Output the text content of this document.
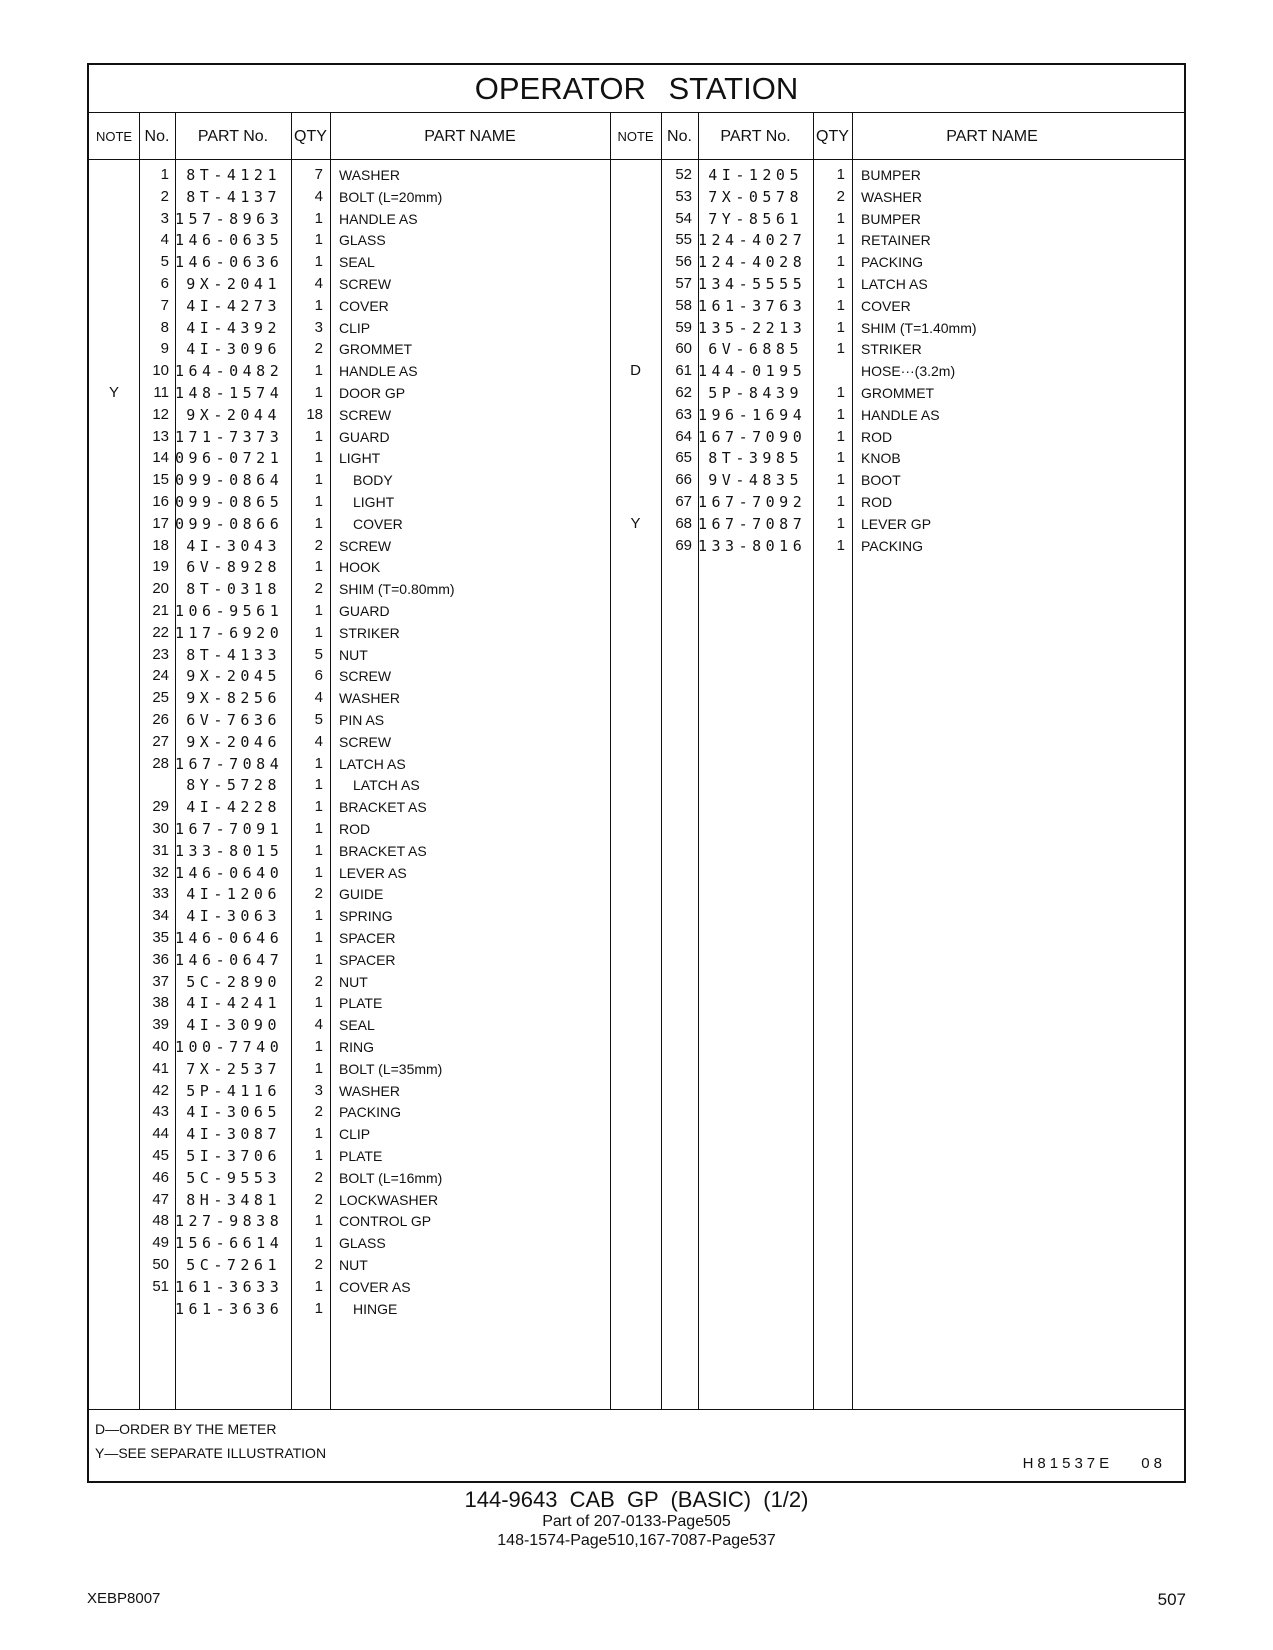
OPERATOR STATION
NOTE No.	PART No.	QTY	PART NAME	NOTE No.	PART No.	QTY	PART NAME
1	8T-4121	7 WASHER
2	8T-4137	4 BOLT (L=20mm)
3 157-8963	1 HANDLE AS
4 146-0635	1 GLASS
5 146-0636	1 SEAL
6	9X-2041	4 SCREW
7	4I-4273	1 COVER
8	4I-4392	3 CLIP
9	4I-3096	2 GROMMET
10 164-0482	1 HANDLE AS
Y	11 148-1574	1 DOOR GP
12	9X-2044	18 SCREW
13 171-7373	1 GUARD
14 096-0721	1 LIGHT
15 099-0864	1	BODY
16 099-0865	1	LIGHT
17 099-0866	1	COVER
18	4I-3043	2 SCREW
19	6V-8928	1 HOOK
20	8T-0318	2 SHIM (T=0.80mm)
21 106-9561	1 GUARD
22 117-6920	1 STRIKER
23	8T-4133	5 NUT
24	9X-2045	6 SCREW
25	9X-8256	4 WASHER
26	6V-7636	5 PIN AS
27	9X-2046	4 SCREW
28 167-7084	1 LATCH AS
8Y-5728	1	LATCH AS
29	4I-4228	1 BRACKET AS
30 167-7091	1 ROD
31 133-8015	1 BRACKET AS
32 146-0640	1 LEVER AS
33	4I-1206	2 GUIDE
34	4I-3063	1 SPRING
35 146-0646	1 SPACER
36 146-0647	1 SPACER
37	5C-2890	2 NUT
38	4I-4241	1 PLATE
39	4I-3090	4 SEAL
40 100-7740	1 RING
41	7X-2537	1 BOLT (L=35mm)
42	5P-4116	3 WASHER
43	4I-3065	2 PACKING
44	4I-3087	1 CLIP
45	5I-3706	1 PLATE
46	5C-9553	2 BOLT (L=16mm)
47	8H-3481	2 LOCKWASHER
48 127-9838	1 CONTROL GP
49 156-6614	1 GLASS
50	5C-7261	2 NUT
51 161-3633	1 COVER AS
161-3636	1	HINGE
52	4I-1205	1 BUMPER
53	7X-0578	2 WASHER
54	7Y-8561	1 BUMPER
55 124-4027	1 RETAINER
56 124-4028	1 PACKING
57 134-5555	1 LATCH AS
58 161-3763	1 COVER
59 135-2213	1 SHIM (T=1.40mm)
60	6V-6885	1 STRIKER
D	61 144-0195	HOSE···(3.2m)
62	5P-8439	1 GROMMET
63 196-1694	1 HANDLE AS
64 167-7090	1 ROD
65	8T-3985	1 KNOB
66	9V-4835	1 BOOT
67 167-7092	1 ROD
Y	68 167-7087	1 LEVER GP
69 133-8016	1 PACKING
D—ORDER BY THE METER
Y—SEE SEPARATE ILLUSTRATION
H81537E 08
144-9643 CAB GP (BASIC) (1/2)
Part of 207-0133-Page505
148-1574-Page510,167-7087-Page537
XEBP8007	507
